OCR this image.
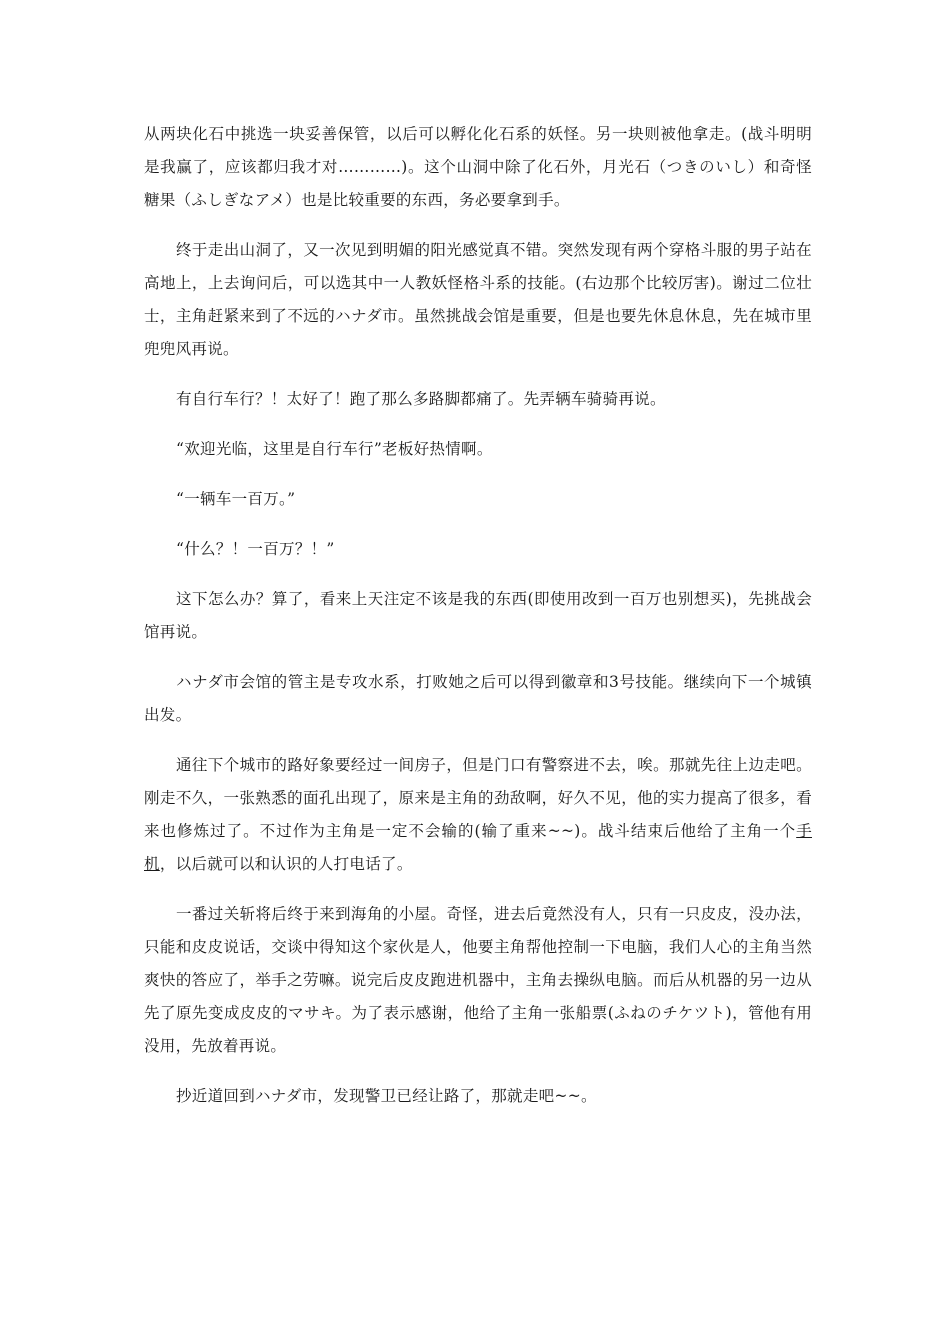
从两块化石中挑选一块妥善保管，以后可以孵化化石系的妖怪。另一块则被他拿走。(战斗明明是我赢了，应该都归我才对…………)。这个山洞中除了化石外，月光石（つきのいし）和奇怪糖果（ふしぎなアメ）也是比较重要的东西，务必要拿到手。

终于走出山洞了，又一次见到明媚的阳光感觉真不错。突然发现有两个穿格斗服的男子站在高地上，上去询问后，可以选其中一人教妖怪格斗系的技能。(右边那个比较厉害)。谢过二位壮士，主角赶紧来到了不远的ハナダ市。虽然挑战会馆是重要，但是也要先休息休息，先在城市里兜兜风再说。

有自行车行？！太好了！跑了那么多路脚都痛了。先弄辆车骑骑再说。

“欢迎光临，这里是自行车行”老板好热情啊。

“一辆车一百万。”

“什么？！一百万？！”

这下怎么办？算了，看来上天注定不该是我的东西(即使用改到一百万也别想买)，先挑战会馆再说。

ハナダ市会馆的管主是专攻水系，打败她之后可以得到徽章和3号技能。继续向下一个城镇出发。

通往下个城市的路好象要经过一间房子，但是门口有警察进不去，唉。那就先往上边走吧。刚走不久，一张熟悉的面孔出现了，原来是主角的劲敌啊，好久不见，他的实力提高了很多，看来也修炼过了。不过作为主角是一定不会输的(输了重来~~)。战斗结束后他给了主角一个手机，以后就可以和认识的人打电话了。

一番过关斩将后终于来到海角的小屋。奇怪，进去后竟然没有人，只有一只皮皮，没办法，只能和皮皮说话，交谈中得知这个家伙是人，他要主角帮他控制一下电脑，我们人心的主角当然爽快的答应了，举手之劳嘛。说完后皮皮跑进机器中，主角去操纵电脑。而后从机器的另一边从先了原先变成皮皮的マサキ。为了表示感谢，他给了主角一张船票(ふねのチケツト)，管他有用没用，先放着再说。

抄近道回到ハナダ市，发现警卫已经让路了，那就走吧~~。
